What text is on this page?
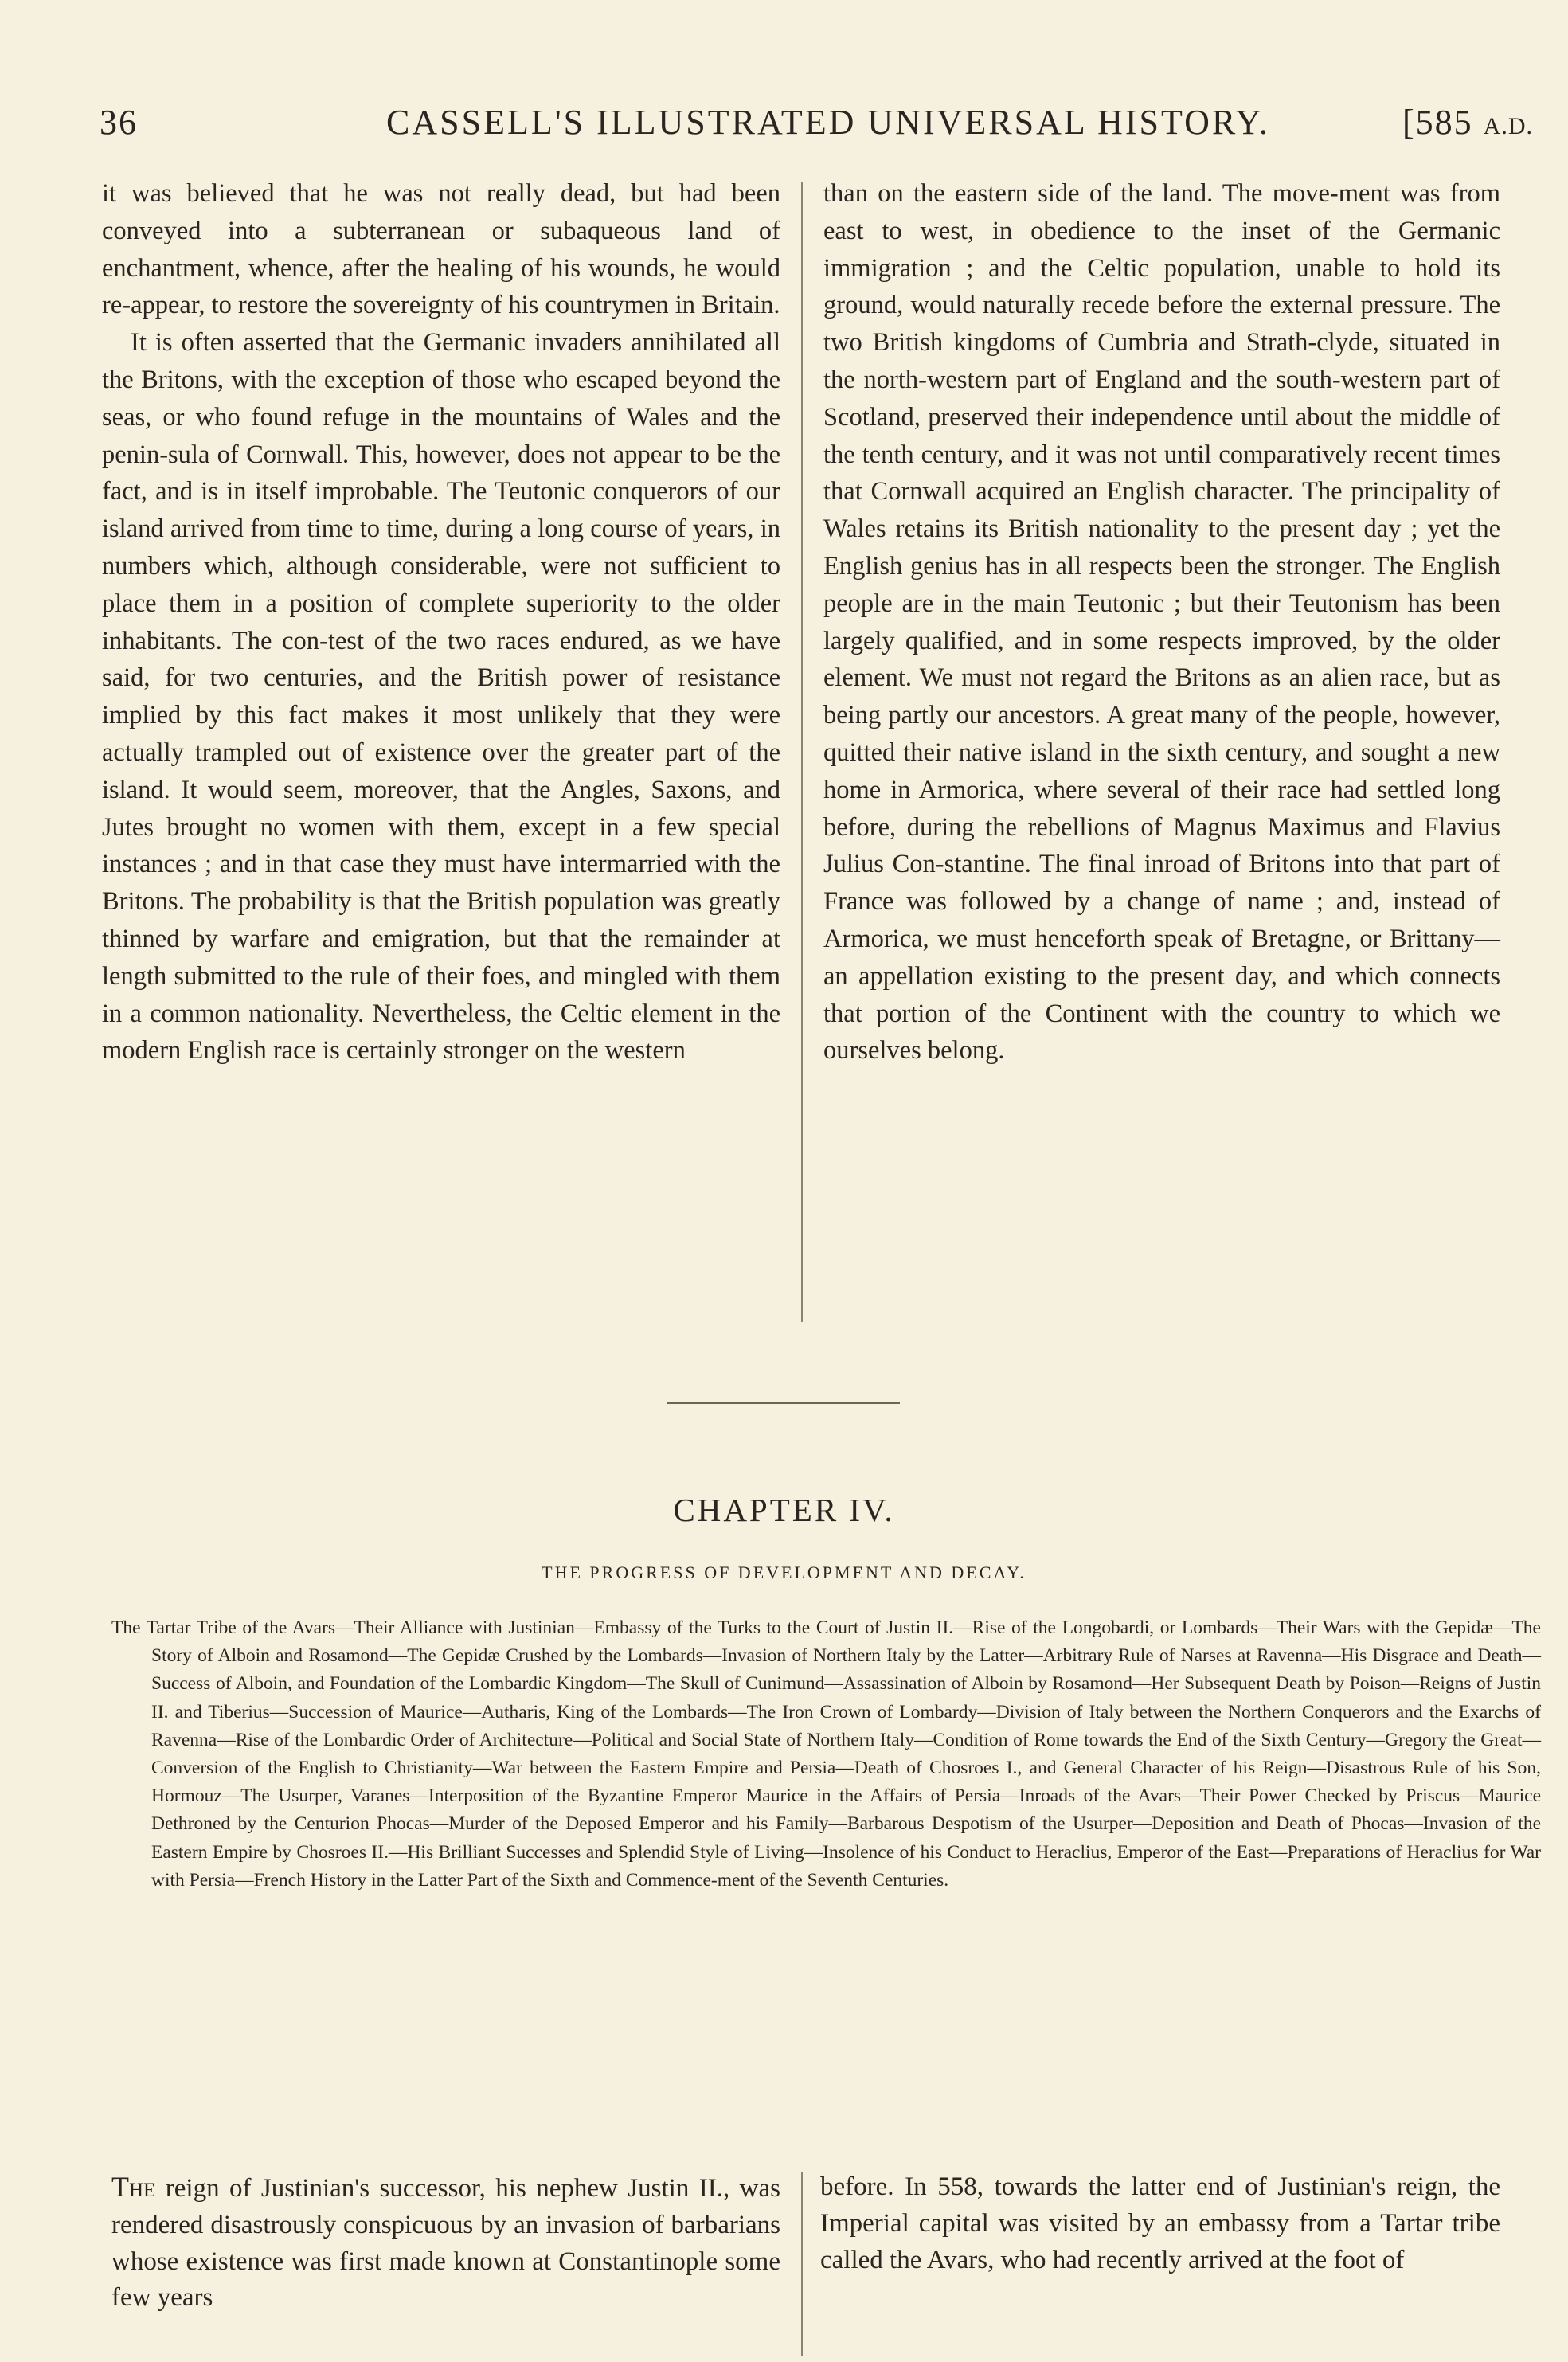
36	CASSELL'S ILLUSTRATED UNIVERSAL HISTORY.	[585 A.D.

it was believed that he was not really dead, but had been conveyed into a subterranean or subaqueous land of enchantment, whence, after the healing of his wounds, he would re-appear, to restore the sovereignty of his countrymen in Britain.

It is often asserted that the Germanic invaders annihilated all the Britons, with the exception of those who escaped beyond the seas, or who found refuge in the mountains of Wales and the penin-sula of Cornwall. This, however, does not appear to be the fact, and is in itself improbable. The Teutonic conquerors of our island arrived from time to time, during a long course of years, in numbers which, although considerable, were not sufficient to place them in a position of complete superiority to the older inhabitants. The con-test of the two races endured, as we have said, for two centuries, and the British power of resistance implied by this fact makes it most unlikely that they were actually trampled out of existence over the greater part of the island. It would seem, moreover, that the Angles, Saxons, and Jutes brought no women with them, except in a few special instances ; and in that case they must have intermarried with the Britons. The probability is that the British population was greatly thinned by warfare and emigration, but that the remainder at length submitted to the rule of their foes, and mingled with them in a common nationality. Nevertheless, the Celtic element in the modern English race is certainly stronger on the western

than on the eastern side of the land. The move-ment was from east to west, in obedience to the inset of the Germanic immigration ; and the Celtic population, unable to hold its ground, would naturally recede before the external pressure. The two British kingdoms of Cumbria and Strath-clyde, situated in the north-western part of England and the south-western part of Scotland, preserved their independence until about the middle of the tenth century, and it was not until comparatively recent times that Cornwall acquired an English character. The principality of Wales retains its British nationality to the present day ; yet the English genius has in all respects been the stronger. The English people are in the main Teutonic ; but their Teutonism has been largely qualified, and in some respects improved, by the older element. We must not regard the Britons as an alien race, but as being partly our ancestors. A great many of the people, however, quitted their native island in the sixth century, and sought a new home in Armorica, where several of their race had settled long before, during the rebellions of Magnus Maximus and Flavius Julius Con-stantine. The final inroad of Britons into that part of France was followed by a change of name ; and, instead of Armorica, we must henceforth speak of Bretagne, or Brittany—an appellation existing to the present day, and which connects that portion of the Continent with the country to which we ourselves belong.

CHAPTER IV.
THE PROGRESS OF DEVELOPMENT AND DECAY.
The Tartar Tribe of the Avars—Their Alliance with Justinian—Embassy of the Turks to the Court of Justin II.—Rise of the Longobardi, or Lombards—Their Wars with the Gepidæ—The Story of Alboin and Rosamond—The Gepidæ Crushed by the Lombards—Invasion of Northern Italy by the Latter—Arbitrary Rule of Narses at Ravenna—His Disgrace and Death—Success of Alboin, and Foundation of the Lombardic Kingdom—The Skull of Cunimund—Assassination of Alboin by Rosamond—Her Subsequent Death by Poison—Reigns of Justin II. and Tiberius—Succession of Maurice—Autharis, King of the Lombards—The Iron Crown of Lombardy—Division of Italy between the Northern Conquerors and the Exarchs of Ravenna—Rise of the Lombardic Order of Architecture—Political and Social State of Northern Italy—Condition of Rome towards the End of the Sixth Century—Gregory the Great—Conversion of the English to Christianity—War between the Eastern Empire and Persia—Death of Chosroes I., and General Character of his Reign—Disastrous Rule of his Son, Hormouz—The Usurper, Varanes—Interposition of the Byzantine Emperor Maurice in the Affairs of Persia—Inroads of the Avars—Their Power Checked by Priscus—Maurice Dethroned by the Centurion Phocas—Murder of the Deposed Emperor and his Family—Barbarous Despotism of the Usurper—Deposition and Death of Phocas—Invasion of the Eastern Empire by Chosroes II.—His Brilliant Successes and Splendid Style of Living—Insolence of his Conduct to Heraclius, Emperor of the East—Preparations of Heraclius for War with Persia—French History in the Latter Part of the Sixth and Commence-ment of the Seventh Centuries.

The reign of Justinian's successor, his nephew Justin II., was rendered disastrously conspicuous by an invasion of barbarians whose existence was first made known at Constantinople some few years

before. In 558, towards the latter end of Justinian's reign, the Imperial capital was visited by an embassy from a Tartar tribe called the Avars, who had recently arrived at the foot of
